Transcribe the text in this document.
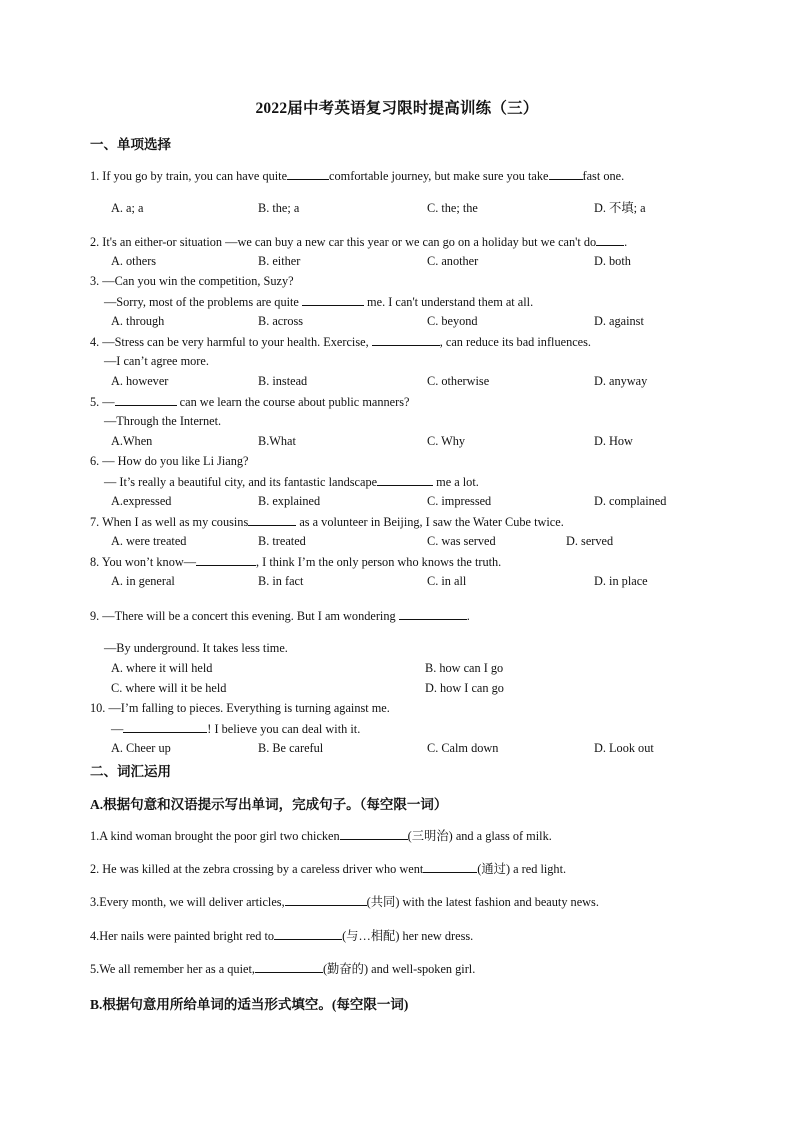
2022届中考英语复习限时提高训练（三）
一、单项选择
1. If you go by train, you can have quite	comfortable journey, but make sure you take	fast one.
A. a; a	B. the; a	C. the; the	D. 不填; a
2. It's an either-or situation —we can buy a new car this year or we can go on a holiday but we can't do .
A. others	B. either	C. another	D. both
3. —Can you win the competition, Suzy?
—Sorry, most of the problems are quite	me. I can't understand them at all.
A. through	B. across	C. beyond	D. against
4. —Stress can be very harmful to your health. Exercise,	, can reduce its bad influences.
—I can’t agree more.
A. however	B. instead	C. otherwise	D. anyway
5. —	can we learn the course about public manners?
—Through the Internet.
A.When	B.What	C. Why	D. How
6. — How do you like Li Jiang?
— It’s really a beautiful city, and its fantastic landscape	me a lot.
A.expressed	B. explained	C. impressed	D. complained
7. When I as well as my cousins	as a volunteer in Beijing, I saw the Water Cube twice.
A. were treated	B. treated	C. was served	D. served
8. You won’t know—	, I think I’m the only person who knows the truth.
A. in general	B. in fact	C. in all	D. in place
9. —There will be a concert this evening. But I am wondering	.
—By underground. It takes less time.
A. where it will held	B. how can I go
C. where will it be held	D. how I can go
10. —I’m falling to pieces. Everything is turning against me.
—	! I believe you can deal with it.
A. Cheer up	B. Be careful	C. Calm down	D. Look out
二、词汇运用
A.根据句意和汉语提示写出单词，完成句子。（每空限一词）
1.A kind woman brought the poor girl two chicken	(三明治) and a glass of milk.
2. He was killed at the zebra crossing by a careless driver who went	(通过) a red light.
3.Every month, we will deliver articles,	(共同) with the latest fashion and beauty news.
4.Her nails were painted bright red to	(与…相配) her new dress.
5.We all remember her as a quiet,	(勤奋的) and well-spoken girl.
B.根据句意用所给单词的适当形式填空。(每空限一词)
